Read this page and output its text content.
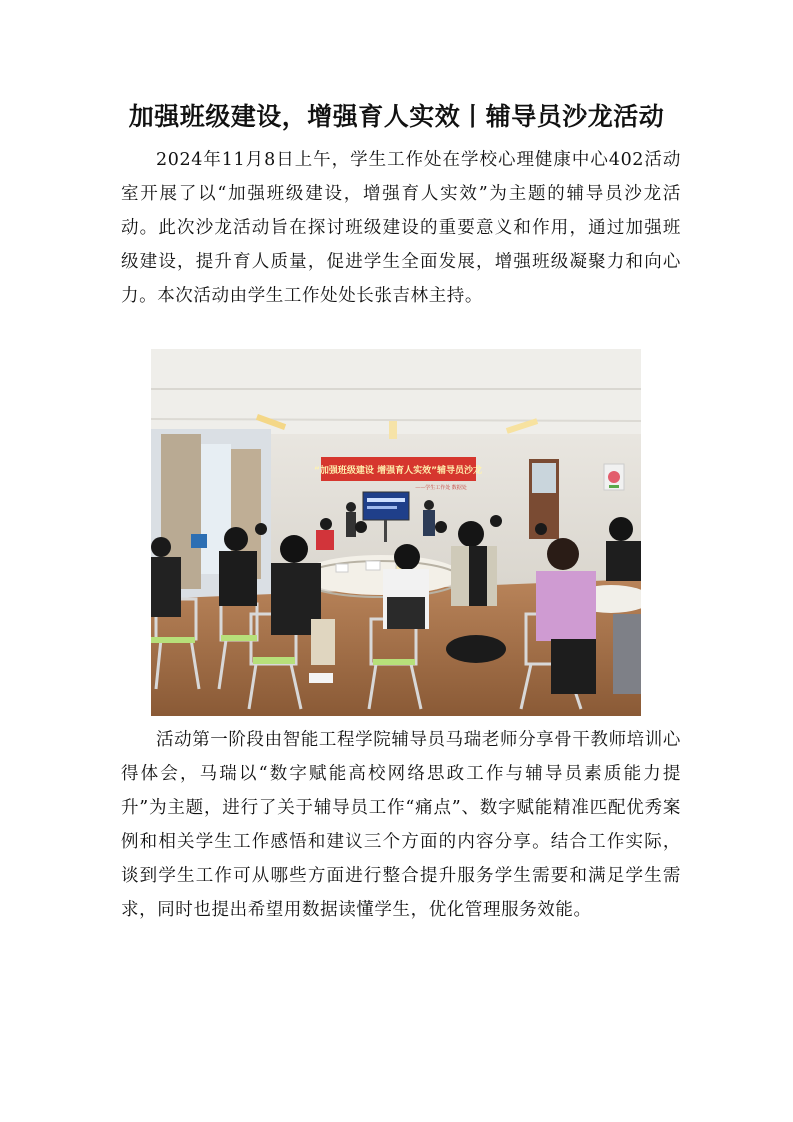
加强班级建设，增强育人实效丨辅导员沙龙活动

2024年11月8日上午，学生工作处在学校心理健康中心402活动室开展了以“加强班级建设，增强育人实效”为主题的辅导员沙龙活动。此次沙龙活动旨在探讨班级建设的重要意义和作用，通过加强班级建设，提升育人质量，促进学生全面发展，增强班级凝聚力和向心力。本次活动由学生工作处处长张吉林主持。

“加强班级建设 增强育人实效”辅导员沙龙
——学生工作处 数据处

活动第一阶段由智能工程学院辅导员马瑞老师分享骨干教师培训心得体会，马瑞以“数字赋能高校网络思政工作与辅导员素质能力提升”为主题，进行了关于辅导员工作“痛点”、数字赋能精准匹配优秀案例和相关学生工作感悟和建议三个方面的内容分享。结合工作实际，谈到学生工作可从哪些方面进行整合提升服务学生需要和满足学生需求，同时也提出希望用数据读懂学生，优化管理服务效能。
